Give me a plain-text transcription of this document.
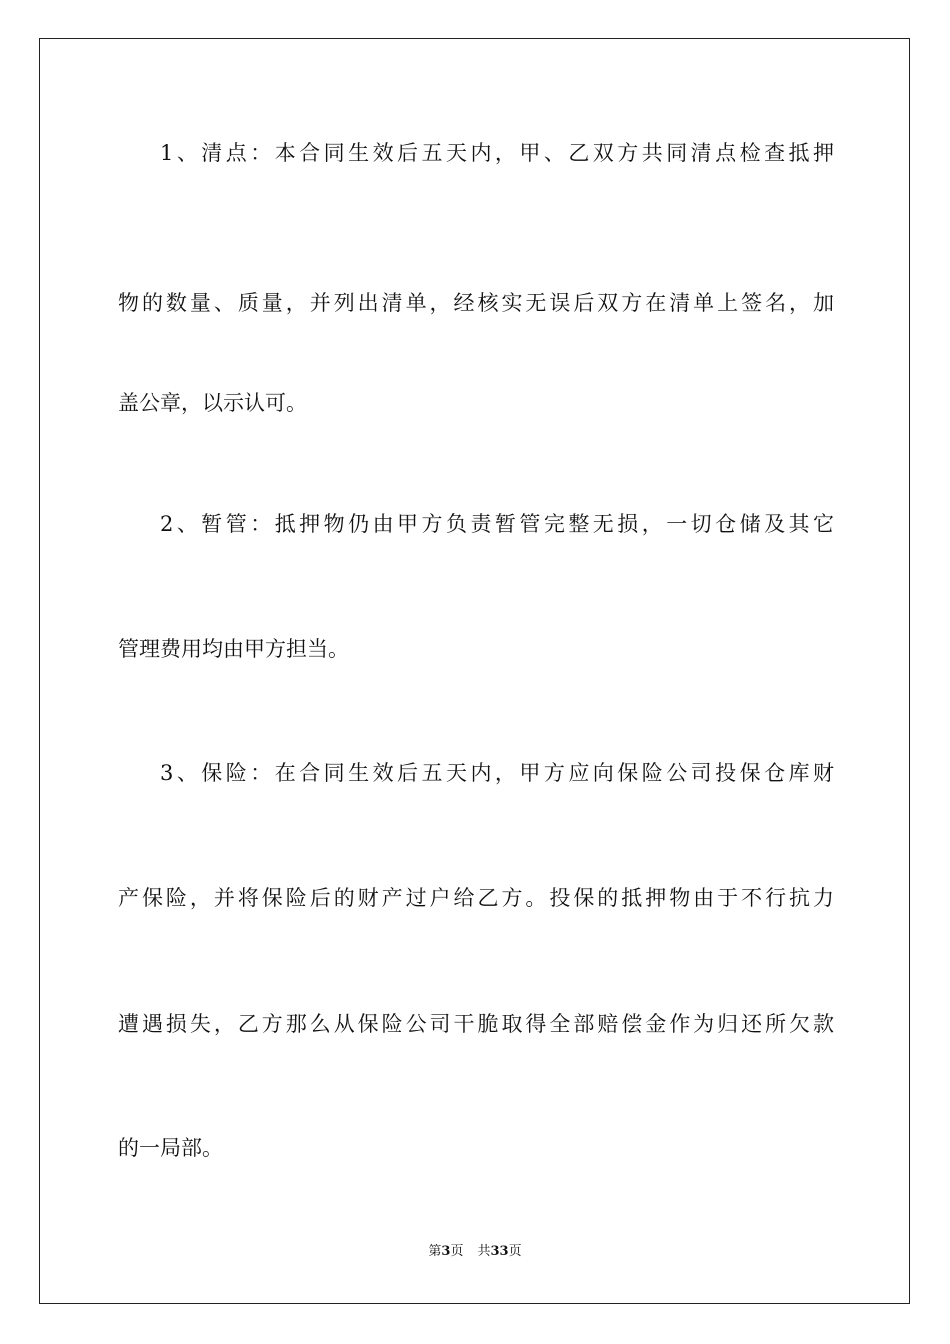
1、清点：本合同生效后五天内，甲、乙双方共同清点检查抵押
物的数量、质量，并列出清单，经核实无误后双方在清单上签名，加
盖公章，以示认可。
2、暂管：抵押物仍由甲方负责暂管完整无损，一切仓储及其它
管理费用均由甲方担当。
3、保险：在合同生效后五天内，甲方应向保险公司投保仓库财
产保险，并将保险后的财产过户给乙方。投保的抵押物由于不行抗力
遭遇损失，乙方那么从保险公司干脆取得全部赔偿金作为归还所欠款
的一局部。
第3页 共33页
